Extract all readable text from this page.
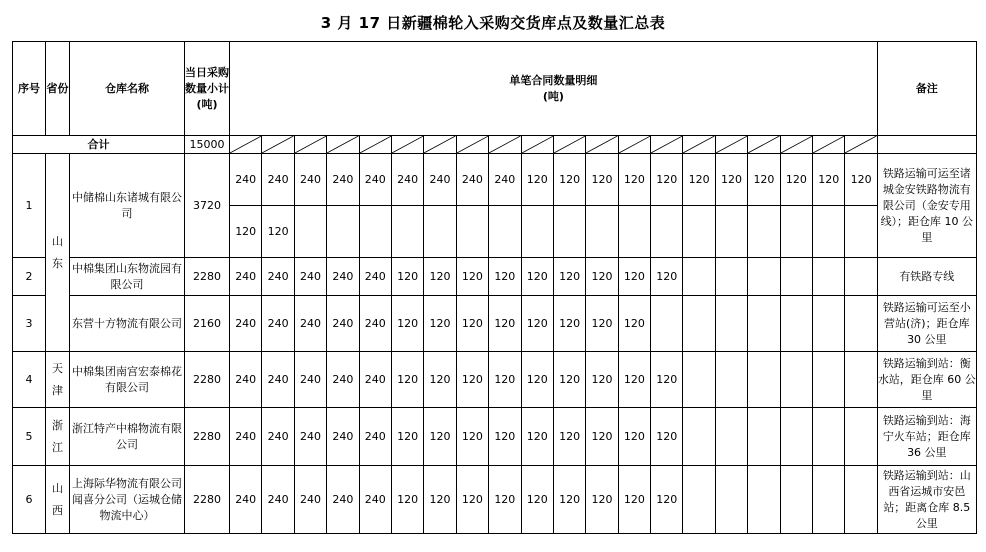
3 月 17 日新疆棉轮入采购交货库点及数量汇总表
序号	省份	仓库名称	当日采购数量小计(吨)	单笔合同数量明细
(吨)																				备注
合计			15000	

1	山东	中储棉山东诸城有限公司	3720	240	240	240	240	240	240	240	240	240	120	120	120	120	120	120	120	120	120	120	120	铁路运输可运至诸城金安铁路物流有限公司（金安专用线）；距仓库 10 公里
				120	120																			
2		中棉集团山东物流园有限公司	2280	240	240	240	240	240	120	120	120	120	120	120	120	120	120							有铁路专线
3		东营十方物流有限公司	2160	240	240	240	240	240	120	120	120	120	120	120	120	120								铁路运输可运至小营站(济)；距仓库 30 公里
4	天津	中棉集团南宫宏泰棉花有限公司	2280	240	240	240	240	240	120	120	120	120	120	120	120	120	120							铁路运输到站：衡水站，距仓库 60 公里
5	浙江	浙江特产中棉物流有限公司	2280	240	240	240	240	240	120	120	120	120	120	120	120	120	120							铁路运输到站：海宁火车站；距仓库 36 公里
6	山西	上海际华物流有限公司闻喜分公司（运城仓储物流中心）	2280	240	240	240	240	240	120	120	120	120	120	120	120	120	120							铁路运输到站：山西省运城市安邑站；距离仓库 8.5 公里
